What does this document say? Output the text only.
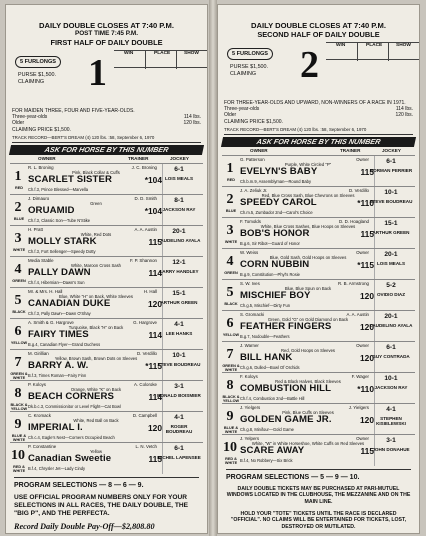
DAILY DOUBLE CLOSES AT 7:40 P.M.
POST TIME 7:45 P.M.
FIRST HALF OF DAILY DOUBLE
5 FURLONGS 1
PURSE $1,500.
CLAIMING
WIN	PLACE	SHOW
FOR MAIDEN THREE, FOUR AND FIVE-YEAR-OLDS.
114 lbs.
Three-year-olds
120 lbs.
Older
CLAIMING PRICE $1,500.
TRACK RECORD—BERT'S DREAM (4) 120 lbs. :58, September 6, 1970
ASK FOR HORSE BY THIS NUMBER
OWNER	TRAINER	JOCKEY
1
RED
R. L. Broning	J. C. Broning
Pink, Black Collar & Cuffs
SCARLET SISTER	*104
Ch.f.3, Prince Blessed—Marvella
6-1
LOIS MEALS
2
BLUE
J. Dimauro	D. D. Smith
Green
ORUAMID	*104
Ch.f.3, Classic Son—Tube N'Stike
8-1
JACKSON RAY
3
WHITE
H. Pratt	A. A. Austin
White, Red Dots
MOLLY STARK	115
Ch.f.3, Fort Sellenger—Speedy Dotty
20-1
LAUDELINO AYALA
4
GREEN
Media Stable	F. P. Shannon
White, Maroon Cross Sash
PALLY DAWN	114
Ch.f.4, Hibernian—Dawn's Sun
12-1
LARRY HANDLEY
5
BLACK
Mr. & Mrs. H. Hall	H. Hall
Blue, White "H" on Back, White Sleeves
CANADIAN DUKE	120
Ch.f.3, Pally Dawn—Dawn O'Shay
15-1
ARTHUR GREEN
6
YELLOW
A. Smith & G. Hargrove	G. Hargrove
Turquoise, Black "H" on Back
FAIRY TIMES	114
B.g.4, Canadian Flyer—Grand Duchess
4-1
LEE HANKS
7
GREEN & WHITE
M. Girillian	D. Verdillo
Yellow, Brown Sash, Brown Dots on Sleeves
BARRY A. W.	*115
B.f.3, Times Roman—Fairy Finn
10-1
STEVE BOUDREAU
8
BLACK & YELLOW
P. Koloys	A. Coloroke
Orange, White "K" on Back
BEACH CORNERS	114
Dk.b.c.3, Commissionitor or Level Flight—Cat Bowl
3-1
RONALD BOISMIER
9
BLUE & WHITE
C. Kromack	D. Campbell
White, Red Ball on Back
IMPERIAL I.	120
Ch.c.4, Eagle's Nest—Corners Occupied Beach
4-1
ROGER BOUDREAU
10
RED & WHITE
P. Constantine	L. N. Vetch
Yellow
Canadian Sweetie	115
B.f.4, Chrysler Jet—Lady Cindy
6-1
MICHEL LAPENSEE
PROGRAM SELECTIONS — 8 — 6 — 9.
USE OFFICIAL PROGRAM NUMBERS ONLY FOR YOUR SELECTIONS IN ALL RACES, THE DAILY DOUBLE, THE "BIG P", AND THE PERFECTA.
Record Daily Double Pay-Off—$2,808.80
DAILY DOUBLE CLOSES AT 7:40 P.M.
SECOND HALF OF DAILY DOUBLE
5 FURLONGS 2
PURSE $1,500.
CLAIMING
WIN	PLACE	SHOW
FOR THREE-YEAR-OLDS AND UPWARD, NON-WINNERS OF A RACE IN 1971.
114 lbs.
Three-year-olds
120 lbs.
Older
CLAIMING PRICE $1,500.
TRACK RECORD—BERT'S DREAM (4) 120 lbs. :58, September 6, 1970
ASK FOR HORSE BY THIS NUMBER
OWNER	TRAINER	JOCKEY
1
RED
G. Patterson	Owner
Purple, White Circled "P"
EVELYN'S BABY	115
Ch.b.m.9, Assemblyman—Round Baby
6-1
NORMAN PERRIER
2
BLUE
J. A. Zeliuk Jr.	D. Verdillo
Red, Blue Cross Sash, Blue Chevrons on Sleeves
SPEEDY CAROL	*110
Ch.m.5, Zumbador 2nd—Carol's Choice
10-1
STEVE BOUDREAU
3
WHITE
F. Tomolds	D. D. Hoagland
White, Blue Cross Sashes, Blue Hoops on Sleeves
BOB'S HONOR	115
B.g.6, Sir Ribot—Guard of Honor
15-1
ARTHUR GREEN
4
GREEN
W. Weiss	Owner
Blue, Gold Sash, Gold Hoops on Sleeves
CORN NUBBIN	*115
B.g.9, Constitution—Phyl's Rosie
20-1
LOIS MEALS
5
BLACK
S. W. Ives	R. B. Armstrong
Blue, Blue Spun on Back
MISCHIEF BOY	120
Ch.g.5, Mischief—Dirty Fun
5-2
OVIDIO DIAZ
6
YELLOW
S. Gromacki	A. A. Austin
Green, Gold "G" on Gold Diamond on Back
FEATHER FINGERS	120
B.g.7, Nodouble—Feathers
20-1
LAUDELINO AYALA
7
GREEN & WHITE
J. Warner	Owner
Red, Gold Hoops on Sleeves
BILL HANK	120
Ch.g.6, Dulled—Bowl Of Orchids
6-1
GUY CONTRADA
8
BLACK & YELLOW
F. Koloys	F. Wager
Red & Black Halves, Black Sleeves
COMBUSTION HILL	*110
Ch.f.4, Combustion 2nd—Battle Hill
10-1
JACKSON RAY
9
BLUE & WHITE
J. Yielgers	J. Yielgers
Pink, Blue Cuffs on Sleeves
GOLDEN GAME JR.	120
Ch.g.8, Minifour—Gold Game
4-1
STEPHEN KISIELEWSKI
10
RED & WHITE
J. Yelpers	Owner
White, "W" in White Horseshoe, White Cuffs on Red Sleeves
SCARE AWAY	115
B.f.4, No Robbery—Six Brick
3-1
JOHN DONAHUE
PROGRAM SELECTIONS — 5 — 9 — 10.
DAILY DOUBLE TICKETS MAY BE PURCHASED AT PARI-MUTUEL WINDOWS LOCATED IN THE CLUBHOUSE, THE MEZZANINE AND ON THE MAIN LINE.
HOLD YOUR "TOTE" TICKETS UNTIL THE RACE IS DECLARED "OFFICIAL". NO CLAIMS WILL BE ENTERTAINED FOR TICKETS, LOST, DESTROYED OR MUTILATED.
